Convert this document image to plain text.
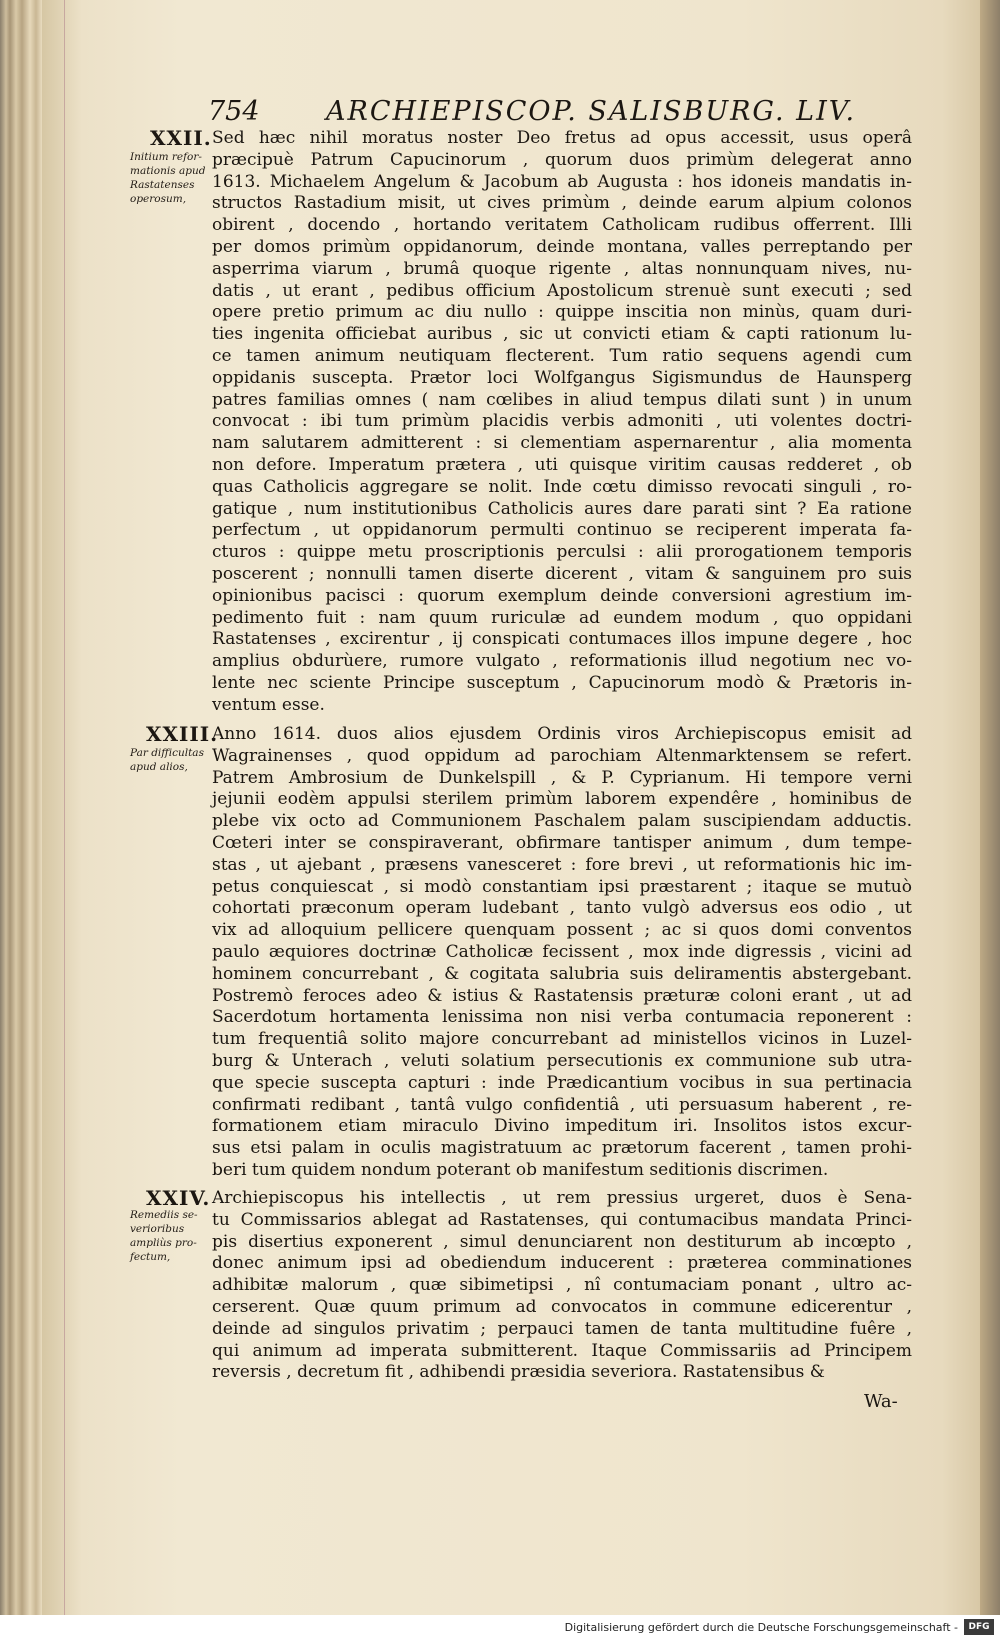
754 ARCHIEPISCOP. SALISBURG. LIV.
XXII.
Initium refor-
mationis apud
Rastatenses
operosum,
Sed hæc nihil moratus noster Deo fretus ad opus accessit, usus operâ
præcipuè Patrum Capucinorum , quorum duos primùm delegerat anno
1613. Michaelem Angelum & Jacobum ab Augusta : hos idoneis mandatis in-
structos Rastadium misit, ut cives primùm , deinde earum alpium colonos
obirent , docendo , hortando veritatem Catholicam rudibus offerrent. Illi
per domos primùm oppidanorum, deinde montana, valles perreptando per
asperrima viarum , brumâ quoque rigente , altas nonnunquam nives, nu-
datis , ut erant , pedibus officium Apostolicum strenuè sunt executi ; sed
opere pretio primum ac diu nullo : quippe inscitia non minùs, quam duri-
ties ingenita officiebat auribus , sic ut convicti etiam & capti rationum lu-
ce tamen animum neutiquam flecterent. Tum ratio sequens agendi cum
oppidanis suscepta. Prætor loci Wolfgangus Sigismundus de Haunsperg
patres familias omnes ( nam cœlibes in aliud tempus dilati sunt ) in unum
convocat : ibi tum primùm placidis verbis admoniti , uti volentes doctri-
nam salutarem admitterent : si clementiam aspernarentur , alia momenta
non defore. Imperatum prætera , uti quisque viritim causas redderet , ob
quas Catholicis aggregare se nolit. Inde cœtu dimisso revocati singuli , ro-
gatique , num institutionibus Catholicis aures dare parati sint ? Ea ratione
perfectum , ut oppidanorum permulti continuo se reciperent imperata fa-
cturos : quippe metu proscriptionis perculsi : alii prorogationem temporis
poscerent ; nonnulli tamen diserte dicerent , vitam & sanguinem pro suis
opinionibus pacisci : quorum exemplum deinde conversioni agrestium im-
pedimento fuit : nam quum ruriculæ ad eundem modum , quo oppidani
Rastatenses , excirentur , ij conspicati contumaces illos impune degere , hoc
amplius obdurùere, rumore vulgato , reformationis illud negotium nec vo-
lente nec sciente Principe susceptum , Capucinorum modò & Prætoris in-
ventum esse.
XXIII.
Par difficultas
apud alios,
Anno 1614. duos alios ejusdem Ordinis viros Archiepiscopus emisit ad
Wagrainenses , quod oppidum ad parochiam Altenmarktensem se refert.
Patrem Ambrosium de Dunkelspill , & P. Cyprianum. Hi tempore verni
jejunii eodèm appulsi sterilem primùm laborem expendêre , hominibus de
plebe vix octo ad Communionem Paschalem palam suscipiendam adductis.
Cœteri inter se conspiraverant, obfirmare tantisper animum , dum tempe-
stas , ut ajebant , præsens vanesceret : fore brevi , ut reformationis hic im-
petus conquiescat , si modò constantiam ipsi præstarent ; itaque se mutuò
cohortati præconum operam ludebant , tanto vulgò adversus eos odio , ut
vix ad alloquium pellicere quenquam possent ; ac si quos domi conventos
paulo æquiores doctrinæ Catholicæ fecissent , mox inde digressis , vicini ad
hominem concurrebant , & cogitata salubria suis deliramentis abstergebant.
Postremò feroces adeo & istius & Rastatensis præturæ coloni erant , ut ad
Sacerdotum hortamenta lenissima non nisi verba contumacia reponerent :
tum frequentiâ solito majore concurrebant ad ministellos vicinos in Luzel-
burg & Unterach , veluti solatium persecutionis ex communione sub utra-
que specie suscepta capturi : inde Prædicantium vocibus in sua pertinacia
confirmati redibant , tantâ vulgo confidentiâ , uti persuasum haberent , re-
formationem etiam miraculo Divino impeditum iri. Insolitos istos excur-
sus etsi palam in oculis magistratuum ac prætorum facerent , tamen prohi-
beri tum quidem nondum poterant ob manifestum seditionis discrimen.
XXIV.
Remediis se-
verioribus
ampliùs pro-
fectum,
Archiepiscopus his intellectis , ut rem pressius urgeret, duos è Sena-
tu Commissarios ablegat ad Rastatenses, qui contumacibus mandata Princi-
pis disertius exponerent , simul denunciarent non destiturum ab incœpto ,
donec animum ipsi ad obediendum inducerent : præterea comminationes
adhibitæ malorum , quæ sibimetipsi , nî contumaciam ponant , ultro ac-
cerserent. Quæ quum primum ad convocatos in commune edicerentur ,
deinde ad singulos privatim ; perpauci tamen de tanta multitudine fuêre ,
qui animum ad imperata submitterent. Itaque Commissariis ad Principem
reversis , decretum fit , adhibendi præsidia severiora. Rastatensibus &
Wa-
Digitalisierung gefördert durch die Deutsche Forschungsgemeinschaft -	DFG
